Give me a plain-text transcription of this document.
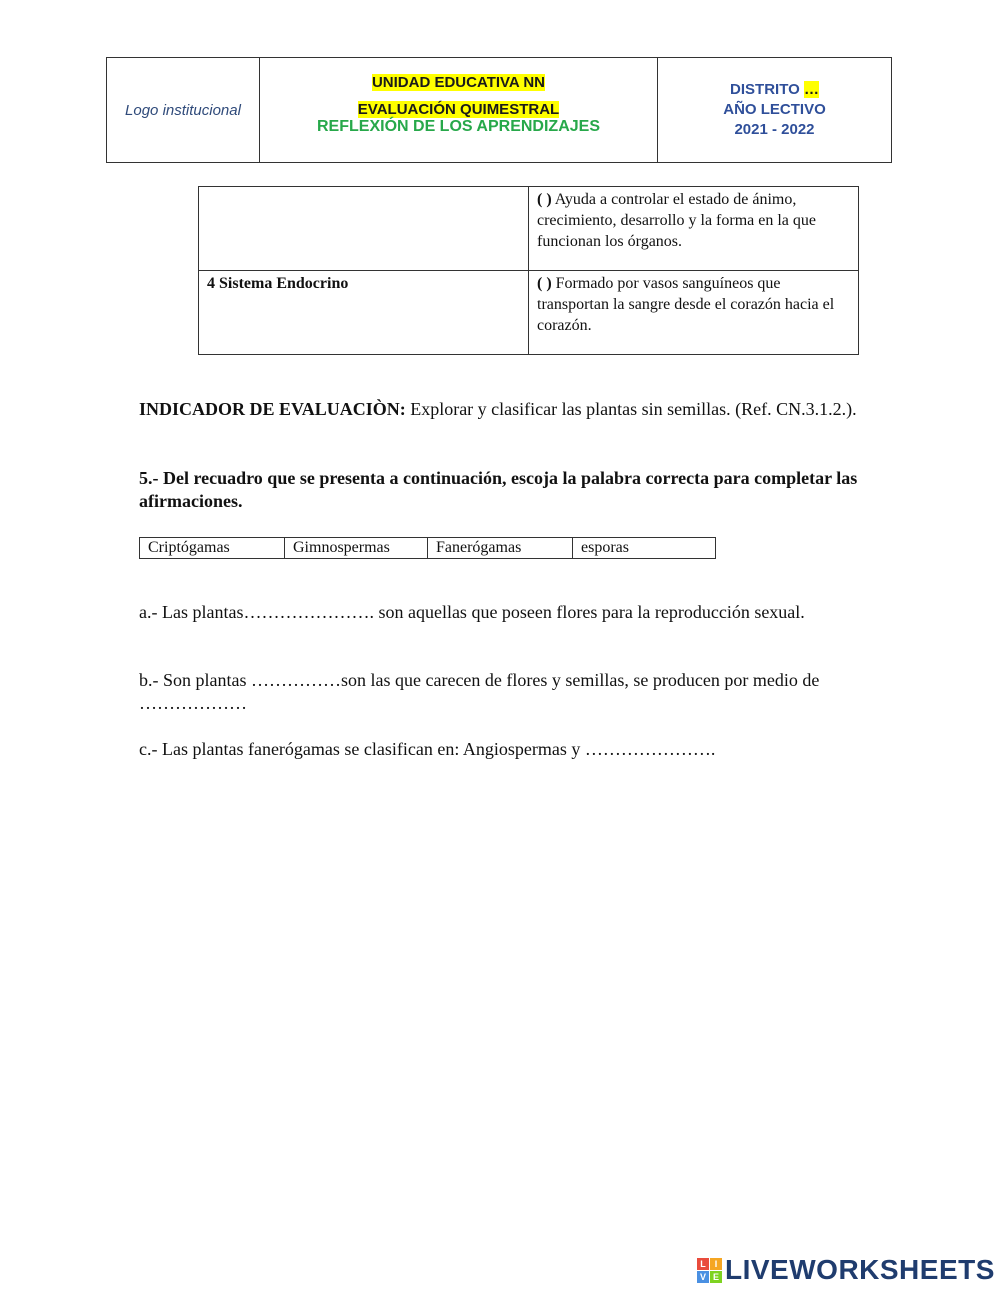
Logo institucional
UNIDAD EDUCATIVA NN
EVALUACIÓN QUIMESTRAL
REFLEXIÓN DE LOS APRENDIZAJES
DISTRITO …
AÑO LECTIVO
2021 - 2022
	( ) Ayuda a controlar el estado de ánimo, crecimiento, desarrollo y la forma en la que funcionan los órganos.
4 Sistema Endocrino	( ) Formado por vasos sanguíneos que transportan la sangre desde el corazón hacia el corazón.
INDICADOR DE EVALUACIÒN: Explorar y clasificar las plantas sin semillas. (Ref. CN.3.1.2.).
5.- Del recuadro que se presenta a continuación, escoja la palabra correcta para completar las afirmaciones.
Criptógamas	Gimnospermas	Fanerógamas	esporas
a.- Las plantas…………………. son aquellas que poseen flores para la reproducción sexual.
b.- Son plantas ……………son las que carecen de flores y semillas, se producen por medio de ………………
c.- Las plantas fanerógamas se clasifican en: Angiospermas y ………………….
L I
V E LIVEWORKSHEETS
